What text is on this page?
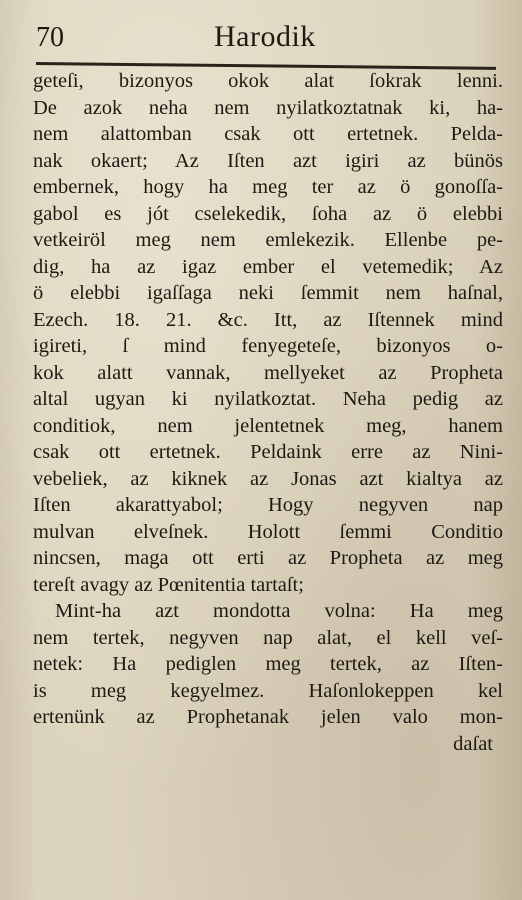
70	Harodik
geteſi, bizonyos okok alat ſokrak lenni.
De azok neha nem nyilatkoztatnak ki, ha-
nem alattomban csak ott ertetnek. Pelda-
nak okaert; Az Iſten azt igiri az bünös
embernek, hogy ha meg ter az ö gonoſſa-
gabol es jót cselekedik, ſoha az ö elebbi
vetkeiröl meg nem emlekezik. Ellenbe pe-
dig, ha az igaz ember el vetemedik; Az
ö elebbi igaſſaga neki ſemmit nem haſnal,
Ezech. 18. 21. &c. Itt, az Iſtennek mind
igireti, ſ mind fenyegeteſe, bizonyos o-
kok alatt vannak, mellyeket az Propheta
altal ugyan ki nyilatkoztat. Neha pedig az
conditiok, nem jelentetnek meg, hanem
csak ott ertetnek. Peldaink erre az Nini-
vebeliek, az kiknek az Jonas azt kialtya az
Iſten akarattyabol; Hogy negyven nap
mulvan elveſnek. Holott ſemmi Conditio
nincsen, maga ott erti az Propheta az meg
tereſt avagy az Pœnitentia tartaſt;
Mint-ha azt mondotta volna: Ha meg
nem tertek, negyven nap alat, el kell veſ-
netek: Ha pediglen meg tertek, az Iſten-
is meg kegyelmez. Haſonlokeppen kel
ertenünk az Prophetanak jelen valo mon-
daſat
